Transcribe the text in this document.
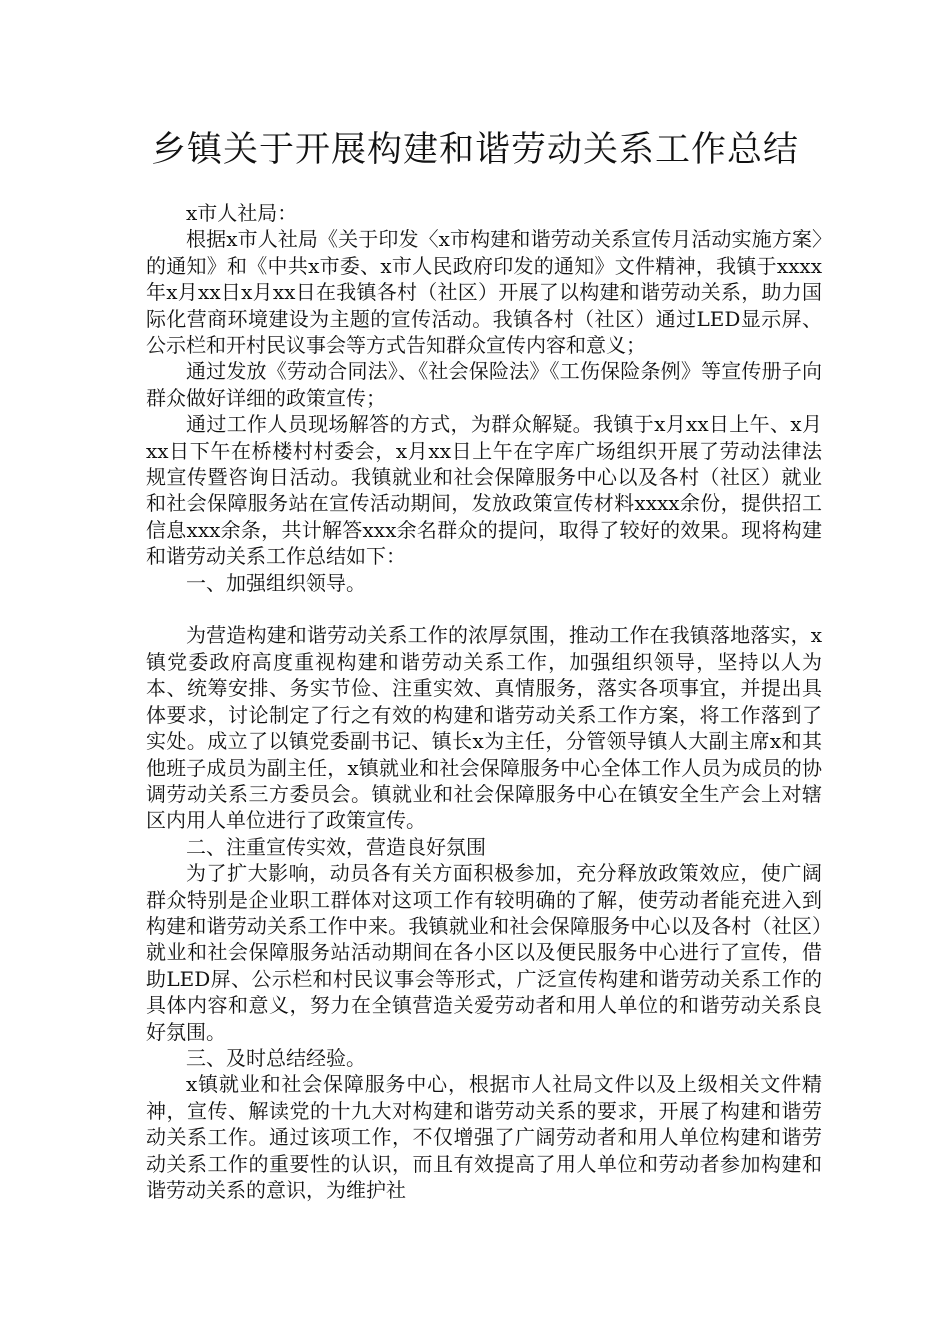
乡镇关于开展构建和谐劳动关系工作总结

x市人社局：

根据x市人社局《关于印发〈x市构建和谐劳动关系宣传月活动实施方案〉的通知》和《中共x市委、x市人民政府印发的通知》文件精神，我镇于xxxx年x月xx日x月xx日在我镇各村（社区）开展了以构建和谐劳动关系，助力国际化营商环境建设为主题的宣传活动。我镇各村（社区）通过LED显示屏、公示栏和开村民议事会等方式告知群众宣传内容和意义；

通过发放《劳动合同法》、《社会保险法》《工伤保险条例》等宣传册子向群众做好详细的政策宣传；

通过工作人员现场解答的方式，为群众解疑。我镇于x月xx日上午、x月xx日下午在桥楼村村委会，x月xx日上午在字库广场组织开展了劳动法律法规宣传暨咨询日活动。我镇就业和社会保障服务中心以及各村（社区）就业和社会保障服务站在宣传活动期间，发放政策宣传材料xxxx余份，提供招工信息xxx余条，共计解答xxx余名群众的提问，取得了较好的效果。现将构建和谐劳动关系工作总结如下：

一、加强组织领导。

为营造构建和谐劳动关系工作的浓厚氛围，推动工作在我镇落地落实，x镇党委政府高度重视构建和谐劳动关系工作，加强组织领导，坚持以人为本、统筹安排、务实节俭、注重实效、真情服务，落实各项事宜，并提出具体要求，讨论制定了行之有效的构建和谐劳动关系工作方案，将工作落到了实处。成立了以镇党委副书记、镇长x为主任，分管领导镇人大副主席x和其他班子成员为副主任，x镇就业和社会保障服务中心全体工作人员为成员的协调劳动关系三方委员会。镇就业和社会保障服务中心在镇安全生产会上对辖区内用人单位进行了政策宣传。

二、注重宣传实效，营造良好氛围

为了扩大影响，动员各有关方面积极参加，充分释放政策效应，使广阔群众特别是企业职工群体对这项工作有较明确的了解，使劳动者能充进入到构建和谐劳动关系工作中来。我镇就业和社会保障服务中心以及各村（社区）就业和社会保障服务站活动期间在各小区以及便民服务中心进行了宣传，借助LED屏、公示栏和村民议事会等形式，广泛宣传构建和谐劳动关系工作的具体内容和意义，努力在全镇营造关爱劳动者和用人单位的和谐劳动关系良好氛围。

三、及时总结经验。

x镇就业和社会保障服务中心，根据市人社局文件以及上级相关文件精神，宣传、解读党的十九大对构建和谐劳动关系的要求，开展了构建和谐劳动关系工作。通过该项工作，不仅增强了广阔劳动者和用人单位构建和谐劳动关系工作的重要性的认识，而且有效提高了用人单位和劳动者参加构建和谐劳动关系的意识，为维护社
